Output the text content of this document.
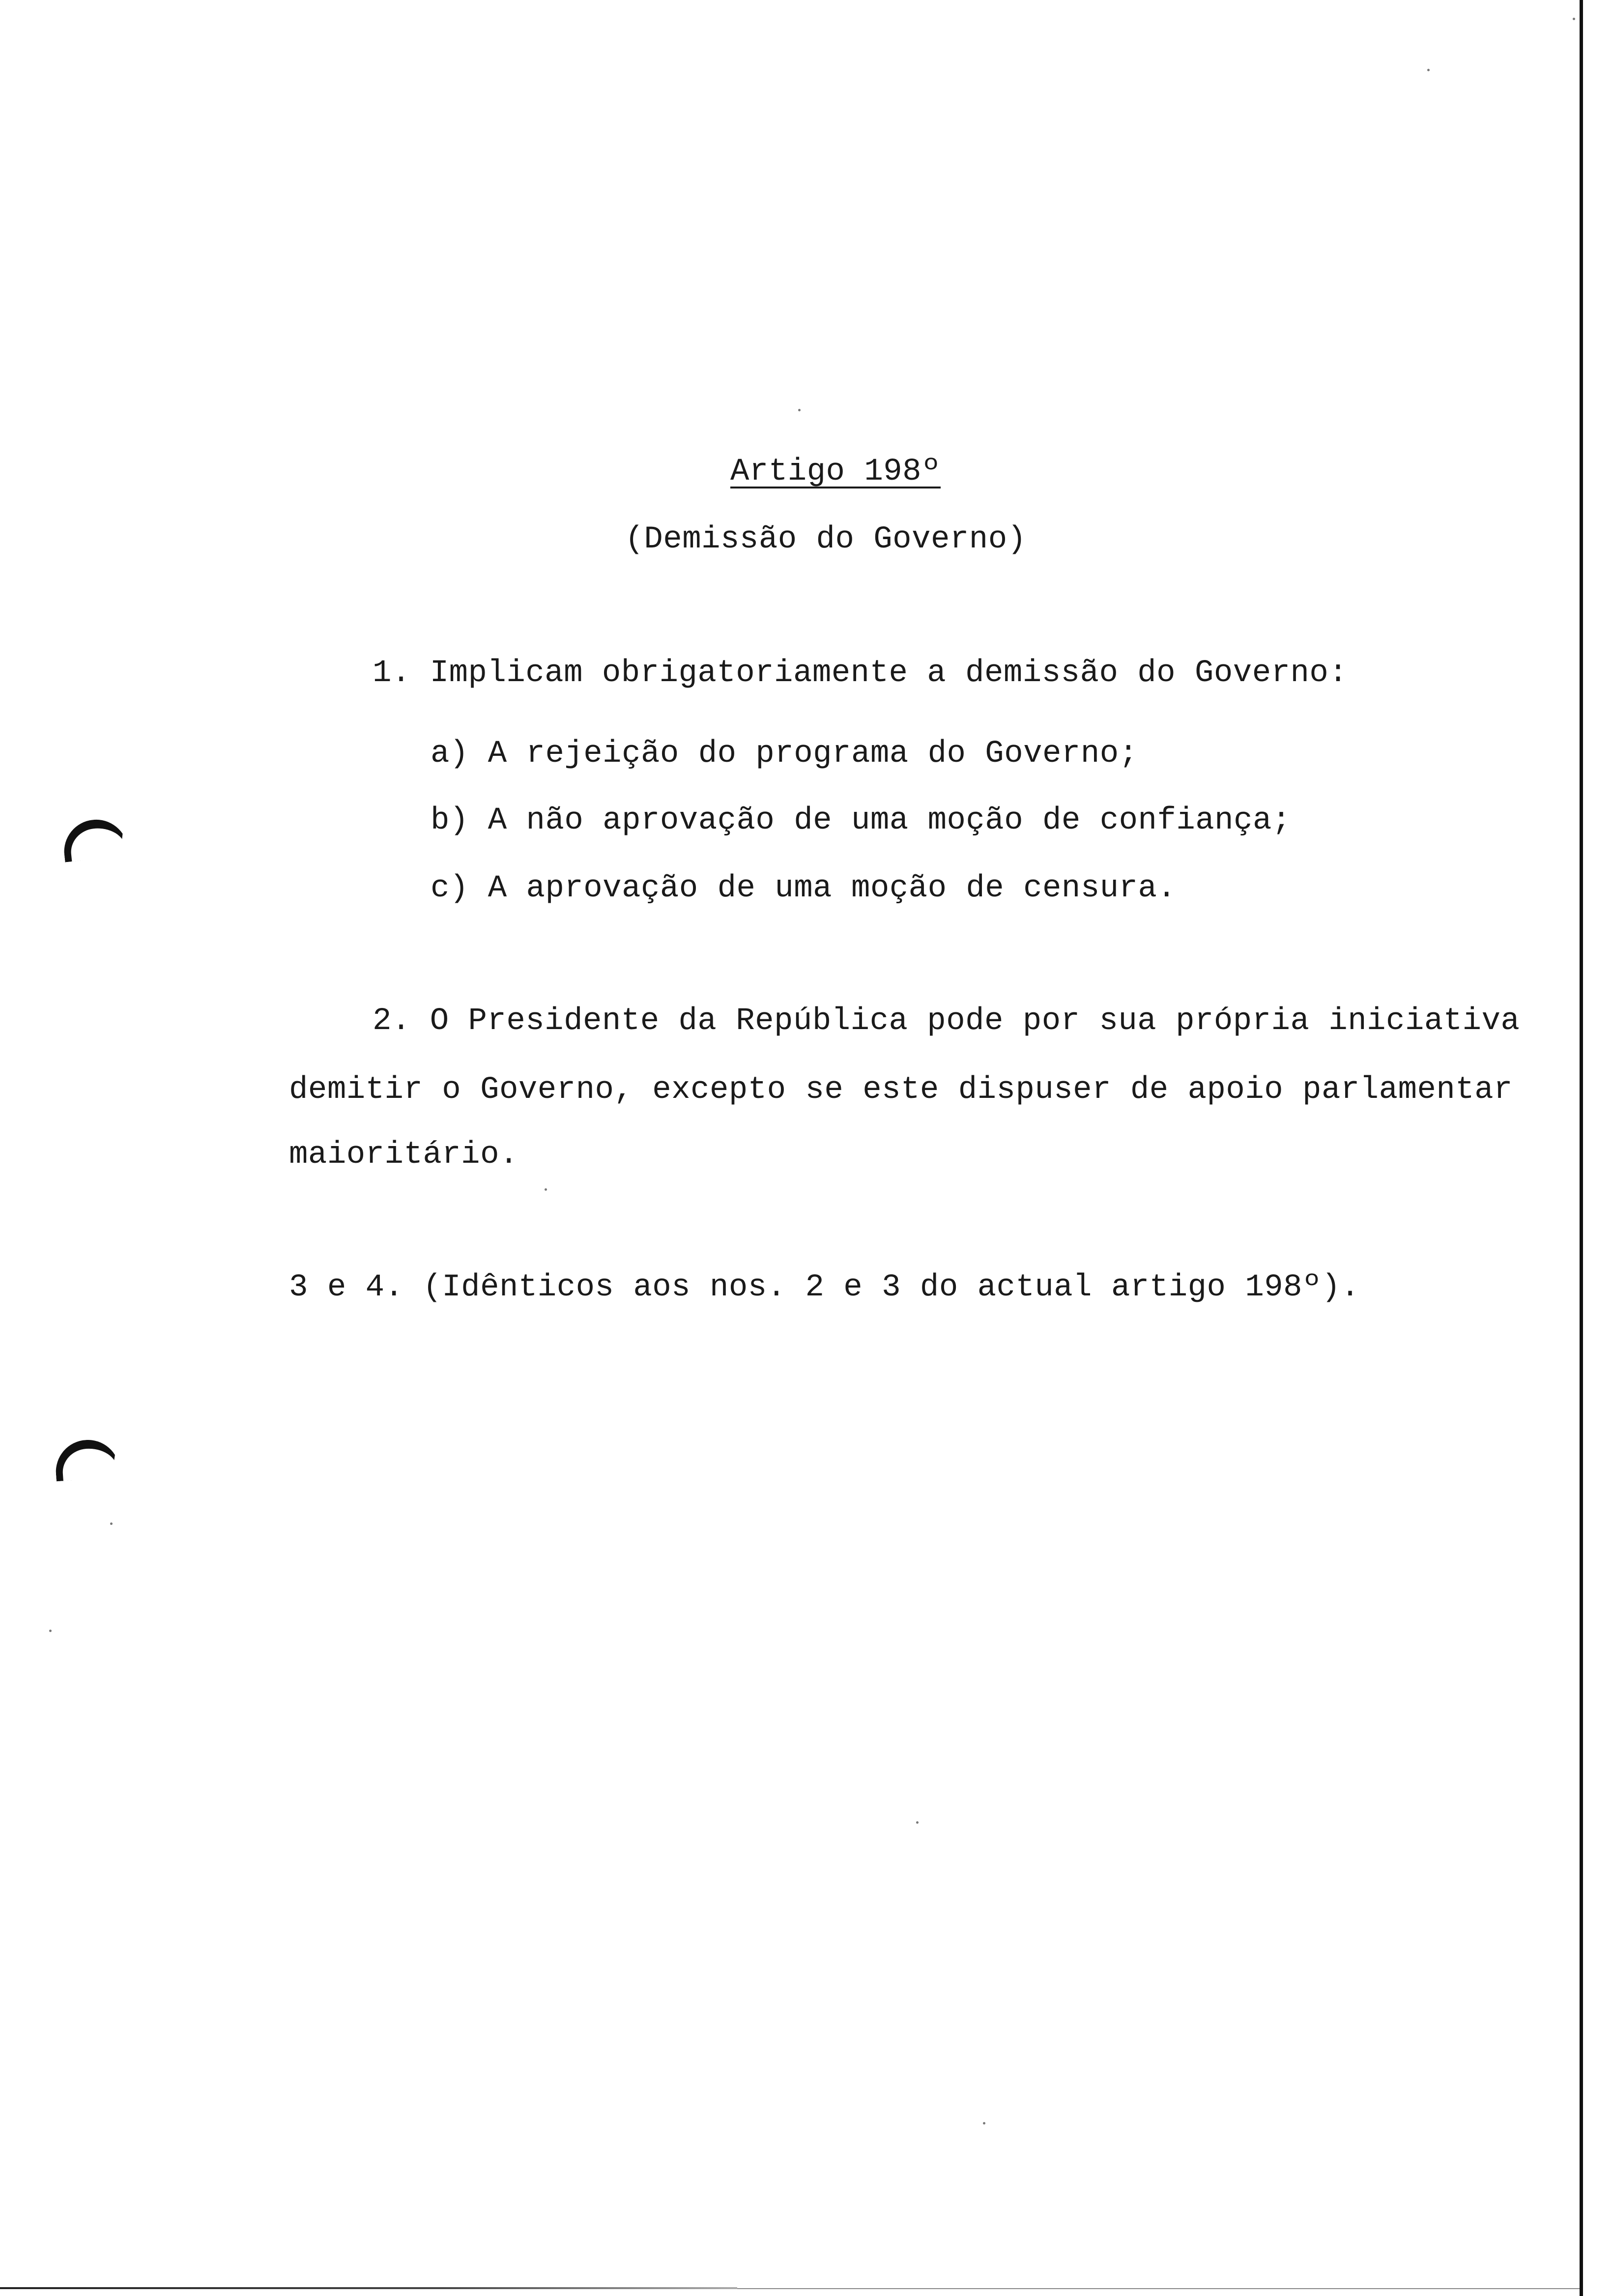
Artigo 198º
(Demissão do Governo)
1. Implicam obrigatoriamente a demissão do Governo:
a) A rejeição do programa do Governo;
b) A não aprovação de uma moção de confiança;
c) A aprovação de uma moção de censura.
2. O Presidente da República pode por sua própria iniciativa
demitir o Governo, excepto se este dispuser de apoio parlamentar
maioritário.
3 e 4. (Idênticos aos nos. 2 e 3 do actual artigo 198º).
